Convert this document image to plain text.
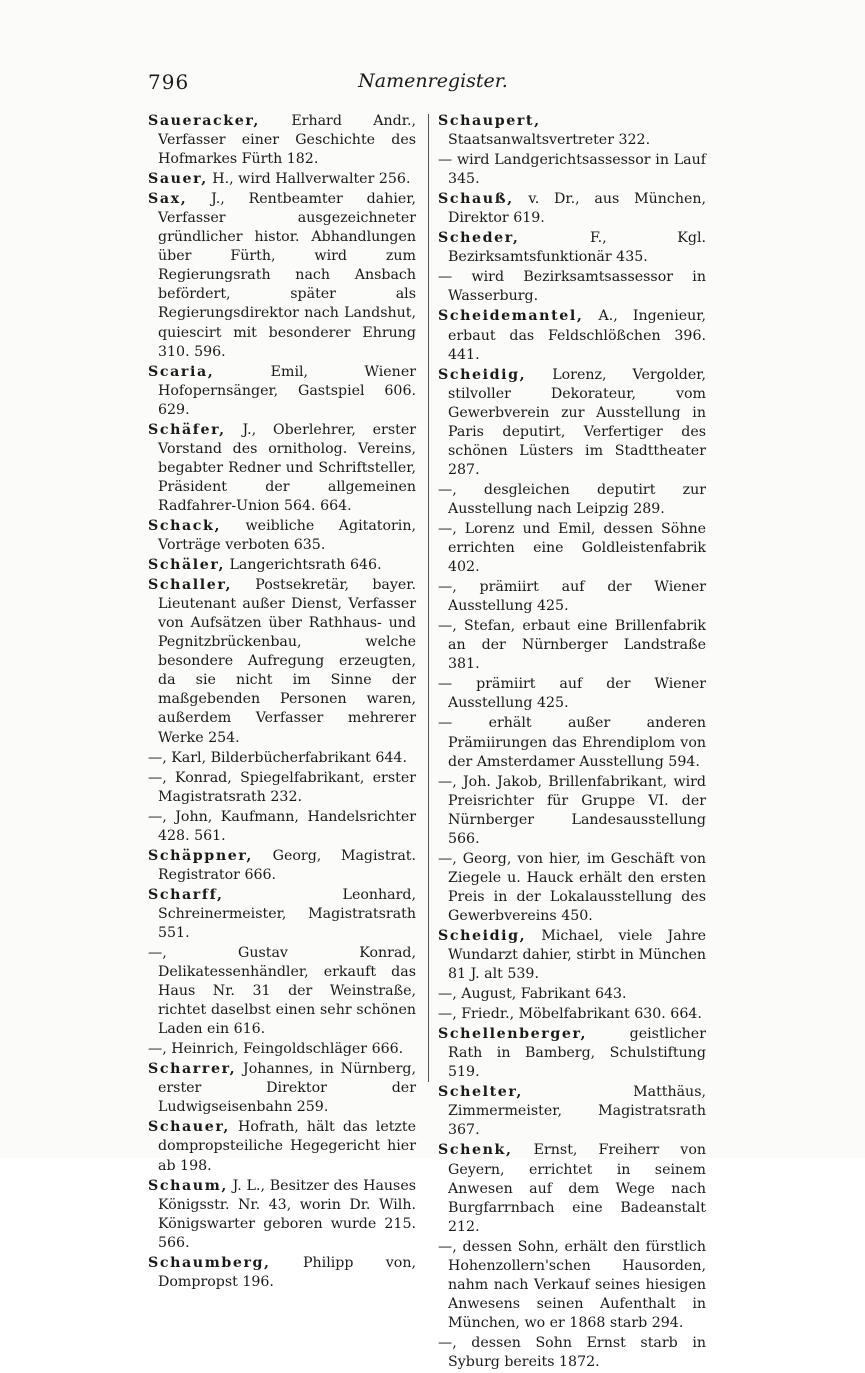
796	Namenregister.

Saueracker, Erhard Andr., Verfasser einer Geschichte des Hofmarkes Fürth 182.

Sauer, H., wird Hallverwalter 256.

Sax, J., Rentbeamter dahier, Verfasser ausgezeichneter gründlicher histor. Abhandlungen über Fürth, wird zum Regierungsrath nach Ansbach befördert, später als Regierungsdirektor nach Landshut, quiescirt mit besonderer Ehrung 310. 596.

Scaria,	Emil, Wiener Hofopernsänger, Gastspiel 606. 629.

Schäfer, J., Oberlehrer, erster Vorstand des ornitholog. Vereins, begabter Redner und Schriftsteller, Präsident der allgemeinen Radfahrer-Union 564. 664.

Schack, weibliche Agitatorin, Vorträge verboten 635.

Schäler, Langerichtsrath 646.

Schaller, Postsekretär, bayer. Lieutenant außer Dienst, Verfasser von Aufsätzen über Rathhaus- und Pegnitzbrückenbau, welche besondere Aufregung erzeugten, da sie nicht im Sinne der maßgebenden Personen waren, außerdem Verfasser mehrerer Werke 254.

—, Karl, Bilderbücherfabrikant 644.

—, Konrad, Spiegelfabrikant, erster Magistratsrath 232.

—, John, Kaufmann, Handelsrichter 428. 561.

Schäppner, Georg, Magistrat. Registrator 666.

Scharff,	Leonhard, Schreinermeister, Magistratsrath 551.

—, Gustav Konrad, Delikatessenhändler, erkauft das Haus Nr. 31 der Weinstraße, richtet daselbst einen sehr schönen Laden ein 616.

—, Heinrich, Feingoldschläger 666.

Scharrer, Johannes, in Nürnberg, erster Direktor der Ludwigseisenbahn 259.

Schauer, Hofrath, hält das letzte dompropsteiliche Hegegericht hier ab 198.

Schaum, J. L., Besitzer des Hauses Königsstr. Nr. 43, worin Dr. Wilh. Königswarter geboren wurde 215. 566.

Schaumberg, Philipp von, Dompropst 196.

Schaupert, Staatsanwaltsvertreter 322.

— wird Landgerichtsassessor in Lauf 345.

Schauß, v. Dr., aus München, Direktor 619.

Scheder,	F., Kgl. Bezirksamtsfunktionär 435.

— wird Bezirksamtsassessor in Wasserburg.

Scheidemantel, A., Ingenieur, erbaut das Feldschlößchen 396. 441.

Scheidig, Lorenz, Vergolder, stilvoller Dekorateur, vom Gewerbverein zur Ausstellung in Paris deputirt, Verfertiger des schönen Lüsters im Stadttheater 287.

—, desgleichen deputirt zur Ausstellung nach Leipzig 289.

—, Lorenz und Emil, dessen Söhne errichten eine Goldleistenfabrik 402.

—, prämiirt auf der Wiener Ausstellung 425.

—, Stefan, erbaut eine Brillenfabrik an der Nürnberger Landstraße 381.

— prämiirt auf der Wiener Ausstellung 425.

— erhält außer anderen Prämiirungen das Ehrendiplom von der Amsterdamer Ausstellung 594.

—, Joh. Jakob, Brillenfabrikant, wird Preisrichter für Gruppe VI. der Nürnberger Landesausstellung 566.

—, Georg, von hier, im Geschäft von Ziegele u. Hauck erhält den ersten Preis in der Lokalausstellung des Gewerbvereins 450.

Scheidig, Michael, viele Jahre Wundarzt dahier, stirbt in München 81 J. alt 539.

—, August, Fabrikant 643.

—, Friedr., Möbelfabrikant 630. 664.

Schellenberger,	geistlicher Rath in Bamberg, Schulstiftung 519.

Schelter,	Matthäus, Zimmermeister, Magistratsrath 367.

Schenk, Ernst, Freiherr von Geyern, errichtet in seinem Anwesen auf dem Wege nach Burgfarrnbach eine Badeanstalt 212.

—, dessen Sohn, erhält den fürstlich Hohenzollern'schen Hausorden, nahm nach Verkauf seines hiesigen Anwesens seinen Aufenthalt in München, wo er 1868 starb 294.

—, dessen Sohn Ernst starb in Syburg bereits 1872.
